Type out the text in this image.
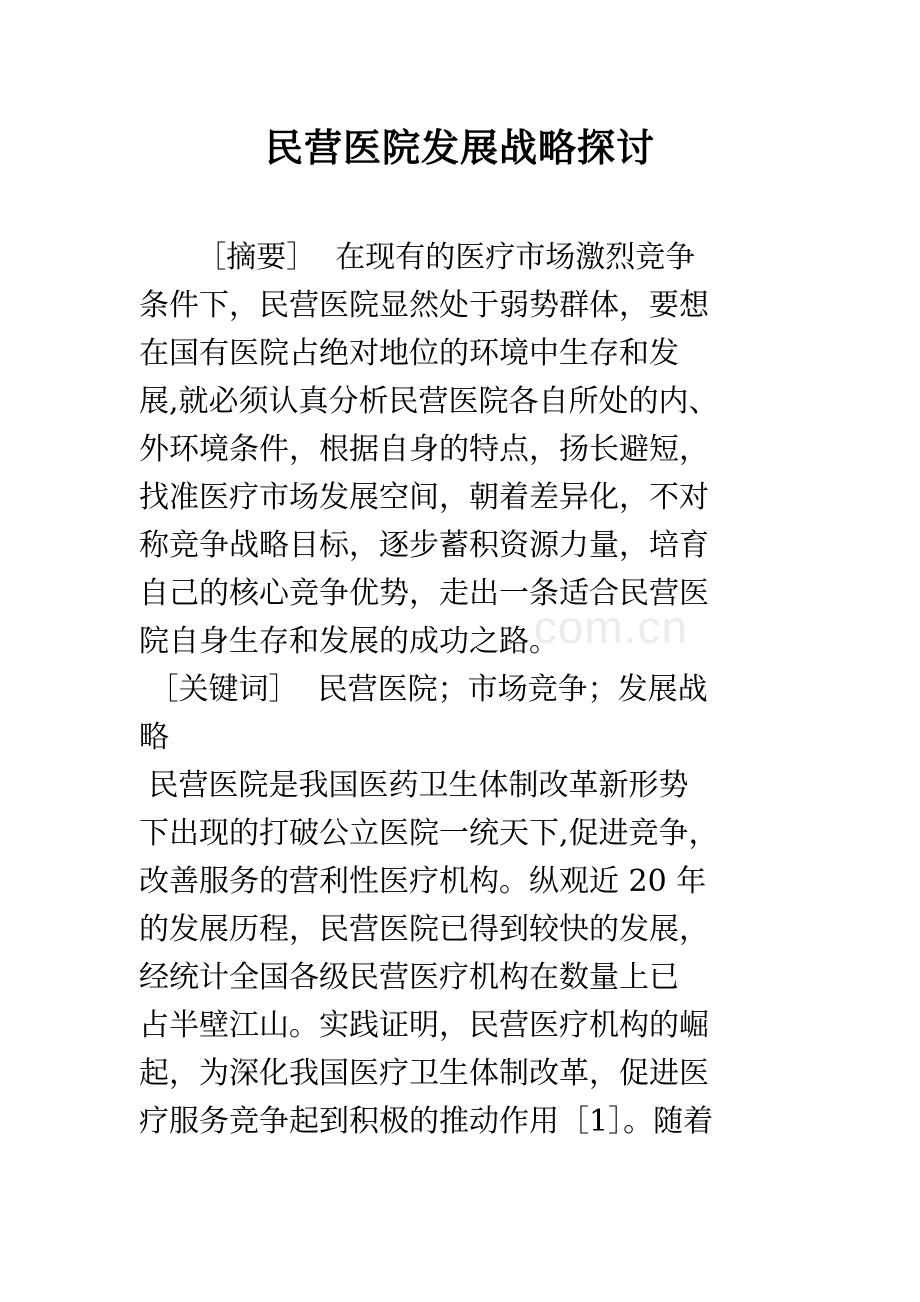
民营医院发展战略探讨
.com.cn
［摘要］  在现有的医疗市场激烈竞争
条件下，民营医院显然处于弱势群体，要想
在国有医院占绝对地位的环境中生存和发
展,就必须认真分析民营医院各自所处的内、
外环境条件，根据自身的特点，扬长避短，
找准医疗市场发展空间，朝着差异化，不对
称竞争战略目标，逐步蓄积资源力量，培育
自己的核心竞争优势，走出一条适合民营医
院自身生存和发展的成功之路。
［关键词］  民营医院；市场竞争；发展战
略
民营医院是我国医药卫生体制改革新形势
下出现的打破公立医院一统天下,促进竞争，
改善服务的营利性医疗机构。纵观近 20 年
的发展历程，民营医院已得到较快的发展，
经统计全国各级民营医疗机构在数量上已
占半壁江山。实践证明，民营医疗机构的崛
起，为深化我国医疗卫生体制改革，促进医
疗服务竞争起到积极的推动作用［1］。随着
